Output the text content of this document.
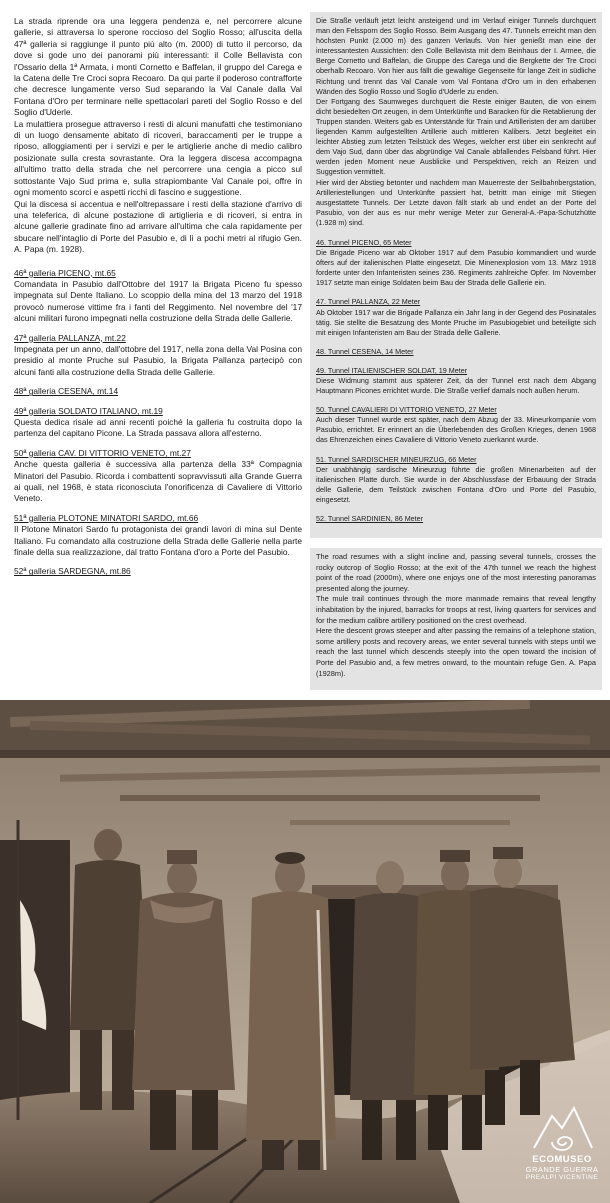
La strada riprende ora una leggera pendenza e, nel percorrere alcune gallerie, si attraversa lo sperone roccioso del Soglio Rosso; all'uscita della 47ª galleria si raggiunge il punto più alto (m. 2000) di tutto il percorso, da dove si gode uno dei panorami più interessanti: il Colle Bellavista con l'Ossario della 1ª Armata, i monti Cornetto e Baffelan, il gruppo del Carega e la Catena delle Tre Croci sopra Recoaro. Da qui parte il poderoso contrafforte che decresce lungamente verso Sud separando la Val Canale dalla Val Fontana d'Oro per terminare nelle spettacolari pareti del Soglio Rosso e del Soglio d'Uderle.

La mulattiera prosegue attraverso i resti di alcuni manufatti che testimoniano di un luogo densamente abitato di ricoveri, baraccamenti per le truppe a riposo, alloggiamenti per i servizi e per le artiglierie anche di medio calibro posizionate sulla cresta sovrastante. Ora la leggera discesa accompagna all'ultimo tratto della strada che nel percorrere una cengia a picco sul sottostante Vajo Sud prima e, sulla strapiombante Val Canale poi, offre in ogni momento scorci e aspetti ricchi di fascino e suggestione.

Qui la discesa si accentua e nell'oltrepassare i resti della stazione d'arrivo di una teleferica, di alcune postazione di artiglieria e di ricoveri, si entra in alcune gallerie gradinate fino ad arrivare all'ultima che cala rapidamente per sbucare nell'intaglio di Porte del Pasubio e, di lì a pochi metri al rifugio Gen. A. Papa (m. 1928).

46ª galleria PICENO, mt.65

Comandata in Pasubio dall'Ottobre del 1917 la Brigata Piceno fu spesso impegnata sul Dente Italiano. Lo scoppio della mina del 13 marzo del 1918 provocò numerose vittime fra i fanti del Reggimento. Nel novembre del '17 alcuni militari furono impegnati nella costruzione della Strada delle Gallerie.

47ª galleria PALLANZA, mt.22

Impegnata per un anno, dall'ottobre del 1917, nella zona della Val Posina con presidio al monte Pruche sul Pasubio, la Brigata Pallanza partecipò con alcuni fanti alla costruzione della Strada delle Gallerie.

48ª galleria CESENA, mt.14
49ª galleria SOLDATO ITALIANO, mt.19

Questa dedica risale ad anni recenti poiché la galleria fu costruita dopo la partenza del capitano Picone. La Strada passava allora all'esterno.

50ª galleria CAV. DI VITTORIO VENETO, mt.27

Anche questa galleria è successiva alla partenza della 33ª Compagnia Minatori del Pasubio. Ricorda i combattenti sopravvissuti alla Grande Guerra ai quali, nel 1968, è stata riconosciuta l'onorificenza di Cavaliere di Vittorio Veneto.

51ª galleria PLOTONE MINATORI SARDO, mt.66

Il Plotone Minatori Sardo fu protagonista dei grandi lavori di mina sul Dente Italiano. Fu comandato alla costruzione della Strada delle Gallerie nella parte finale della sua realizzazione, dal tratto Fontana d'oro a Porte del Pasubio.

52ª galleria SARDEGNA, mt.86

Die Straße verläuft jetzt leicht ansteigend und im Verlauf einiger Tunnels durchquert man den Felssporn des Soglio Rosso. Beim Ausgang des 47. Tunnels erreicht man den höchsten Punkt (2.000 m) des ganzen Verlaufs. Von hier genießt man eine der interessantesten Aussichten: den Colle Bellavista mit dem Beinhaus der I. Armee, die Berge Cornetto und Baffelan, die Gruppe des Carega und die Bergkette der Tre Croci oberhalb Recoaro. Von hier aus fällt die gewaltige Gegenseite für lange Zeit in südliche Richtung und trennt das Val Canale vom Val Fontana d'Oro um in den erhabenen Wänden des Soglio Rosso und Soglio d'Uderle zu enden.

Der Fortgang des Saumweges durchquert die Reste einiger Bauten, die von einem dicht besiedelten Ort zeugen, in dem Unterkünfte und Baracken für die Retablierung der Truppen standen. Weiters gab es Unterstände für Train und Artilleristen der am darüber liegenden Kamm aufgestellten Artillerie auch mittleren Kalibers. Jetzt begleitet ein leichter Abstieg zum letzten Teilstück des Weges, welcher erst über ein senkrecht auf dem Vajo Sud, dann über das abgründige Val Canale abfallendes Felsband führt. Hier werden jeden Moment neue Ausblicke und Perspektiven, reich an Reizen und Suggestion vermittelt.

Hier wird der Abstieg betonter und nachdem man Mauerreste der Seilbahnbergstation, Artilleriestellungen und Unterkünfte passiert hat, betritt man einige mit Stiegen ausgestattete Tunnels. Der Letzte davon fällt stark ab und endet an der Porte del Pasubio, von der aus es nur mehr wenige Meter zur General-A.-Papa-Schutzhütte (1.928 m) sind.

46. Tunnel PICENO, 65 Meter

Die Brigade Piceno war ab Oktober 1917 auf dem Pasubio kommandiert und wurde öfters auf der italienischen Platte eingesetzt. Die Minenexplosion vom 13. März 1918 forderte unter den Infanteristen seines 236. Regiments zahlreiche Opfer. Im November 1917 setzte man einige Soldaten beim Bau der Strada delle Gallerie ein.

47. Tunnel PALLANZA, 22 Meter

Ab Oktober 1917 war die Brigade Pallanza ein Jahr lang in der Gegend des Posinatales tätig. Sie stellte die Besatzung des Monte Pruche im Pasubiogebiet und beteiligte sich mit einigen Infanteristen am Bau der Strada delle Gallerie.

48. Tunnel CESENA, 14 Meter
49. Tunnel ITALIENISCHER SOLDAT, 19 Meter

Diese Widmung stammt aus späterer Zeit, da der Tunnel erst nach dem Abgang Hauptmann Picones errichtet wurde. Die Straße verlief damals noch außen herum.

50. Tunnel CAVALIERI DI VITTORIO VENETO, 27 Meter

Auch dieser Tunnel wurde erst später, nach dem Abzug der 33. Mineurkompanie vom Pasubio, errichtet. Er erinnert an die Überlebenden des Großen Krieges, denen 1968 das Ehrenzeichen eines Cavaliere di Vittorio Veneto zuerkannt wurde.

51. Tunnel SARDISCHER MINEURZUG, 66 Meter

Der unabhängig sardische Mineurzug führte die großen Minenarbeiten auf der italienischen Platte durch. Sie wurde in der Abschlussfase der Erbauung der Strada delle Gallerie, dem Teilstück zwischen Fontana d'Oro und Porte del Pasubio, eingesetzt.

52. Tunnel SARDINIEN, 86 Meter

The road resumes with a slight incline and, passing several tunnels, crosses the rocky outcrop of Soglio Rosso; at the exit of the 47th tunnel we reach the highest point of the road (2000m), where one enjoys one of the most interesting panoramas presented along the journey.

The mule trail continues through the more manmade remains that reveal lengthy inhabitation by the injured, barracks for troops at rest, living quarters for services and for the medium calibre artillery positioned on the crest overhead.

Here the descent grows steeper and after passing the remains of a telephone station, some artillery posts and recovery areas, we enter several tunnels with steps until we reach the last tunnel which descends steeply into the open toward the incision of Porte del Pasubio and, a few metres onward, to the mountain refuge Gen. A. Papa (1928m).

ECOMUSEO
GRANDE GUERRA
PREALPI VICENTINE
